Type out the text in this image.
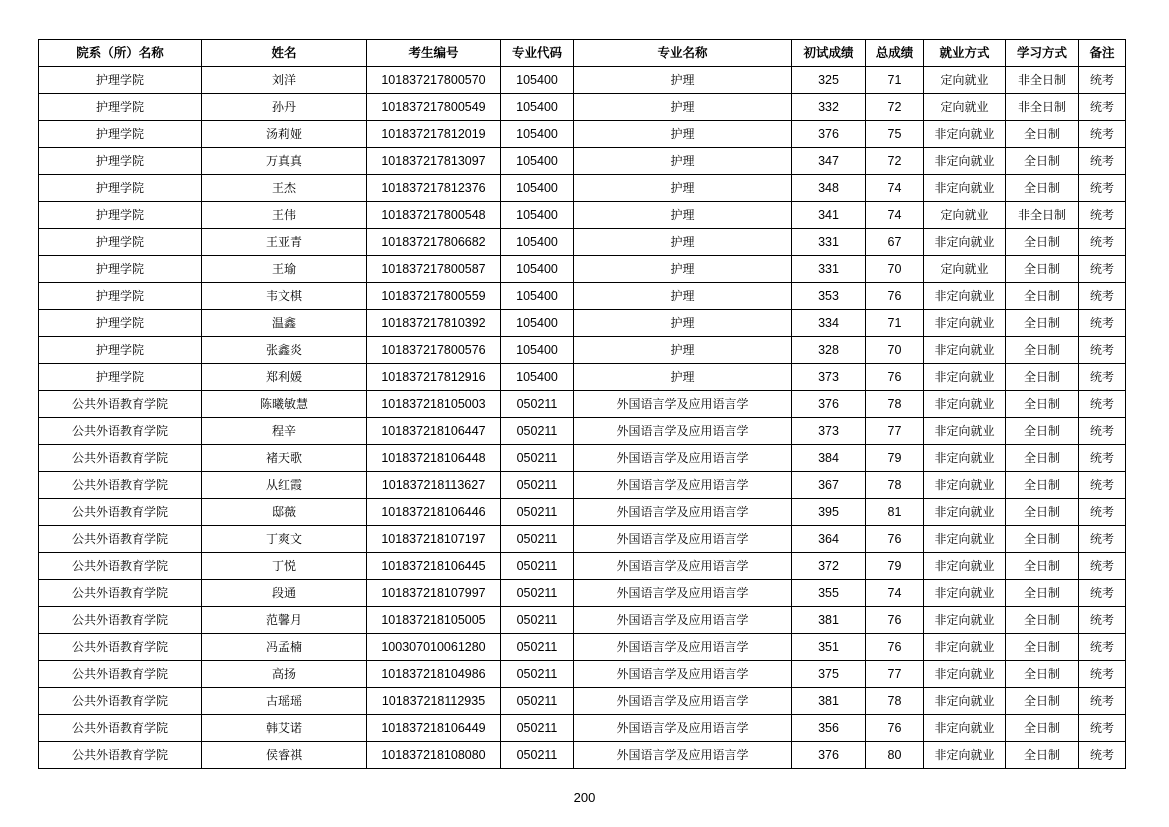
院系（所）名称	姓名	考生编号	专业代码	专业名称	初试成绩	总成绩	就业方式	学习方式	备注
护理学院	刘洋	101837217800570	105400	护理	325	71	定向就业	非全日制	统考
护理学院	孙丹	101837217800549	105400	护理	332	72	定向就业	非全日制	统考
护理学院	汤莉娅	101837217812019	105400	护理	376	75	非定向就业	全日制	统考
护理学院	万真真	101837217813097	105400	护理	347	72	非定向就业	全日制	统考
护理学院	王杰	101837217812376	105400	护理	348	74	非定向就业	全日制	统考
护理学院	王伟	101837217800548	105400	护理	341	74	定向就业	非全日制	统考
护理学院	王亚青	101837217806682	105400	护理	331	67	非定向就业	全日制	统考
护理学院	王瑜	101837217800587	105400	护理	331	70	定向就业	全日制	统考
护理学院	韦文棋	101837217800559	105400	护理	353	76	非定向就业	全日制	统考
护理学院	温鑫	101837217810392	105400	护理	334	71	非定向就业	全日制	统考
护理学院	张鑫炎	101837217800576	105400	护理	328	70	非定向就业	全日制	统考
护理学院	郑利媛	101837217812916	105400	护理	373	76	非定向就业	全日制	统考
公共外语教育学院	陈曦敏慧	101837218105003	050211	外国语言学及应用语言学	376	78	非定向就业	全日制	统考
公共外语教育学院	程辛	101837218106447	050211	外国语言学及应用语言学	373	77	非定向就业	全日制	统考
公共外语教育学院	褚天歌	101837218106448	050211	外国语言学及应用语言学	384	79	非定向就业	全日制	统考
公共外语教育学院	从红霞	101837218113627	050211	外国语言学及应用语言学	367	78	非定向就业	全日制	统考
公共外语教育学院	邸薇	101837218106446	050211	外国语言学及应用语言学	395	81	非定向就业	全日制	统考
公共外语教育学院	丁爽文	101837218107197	050211	外国语言学及应用语言学	364	76	非定向就业	全日制	统考
公共外语教育学院	丁悦	101837218106445	050211	外国语言学及应用语言学	372	79	非定向就业	全日制	统考
公共外语教育学院	段通	101837218107997	050211	外国语言学及应用语言学	355	74	非定向就业	全日制	统考
公共外语教育学院	范馨月	101837218105005	050211	外国语言学及应用语言学	381	76	非定向就业	全日制	统考
公共外语教育学院	冯孟楠	100307010061280	050211	外国语言学及应用语言学	351	76	非定向就业	全日制	统考
公共外语教育学院	高扬	101837218104986	050211	外国语言学及应用语言学	375	77	非定向就业	全日制	统考
公共外语教育学院	古瑶瑶	101837218112935	050211	外国语言学及应用语言学	381	78	非定向就业	全日制	统考
公共外语教育学院	韩艾诺	101837218106449	050211	外国语言学及应用语言学	356	76	非定向就业	全日制	统考
公共外语教育学院	侯睿祺	101837218108080	050211	外国语言学及应用语言学	376	80	非定向就业	全日制	统考
200
